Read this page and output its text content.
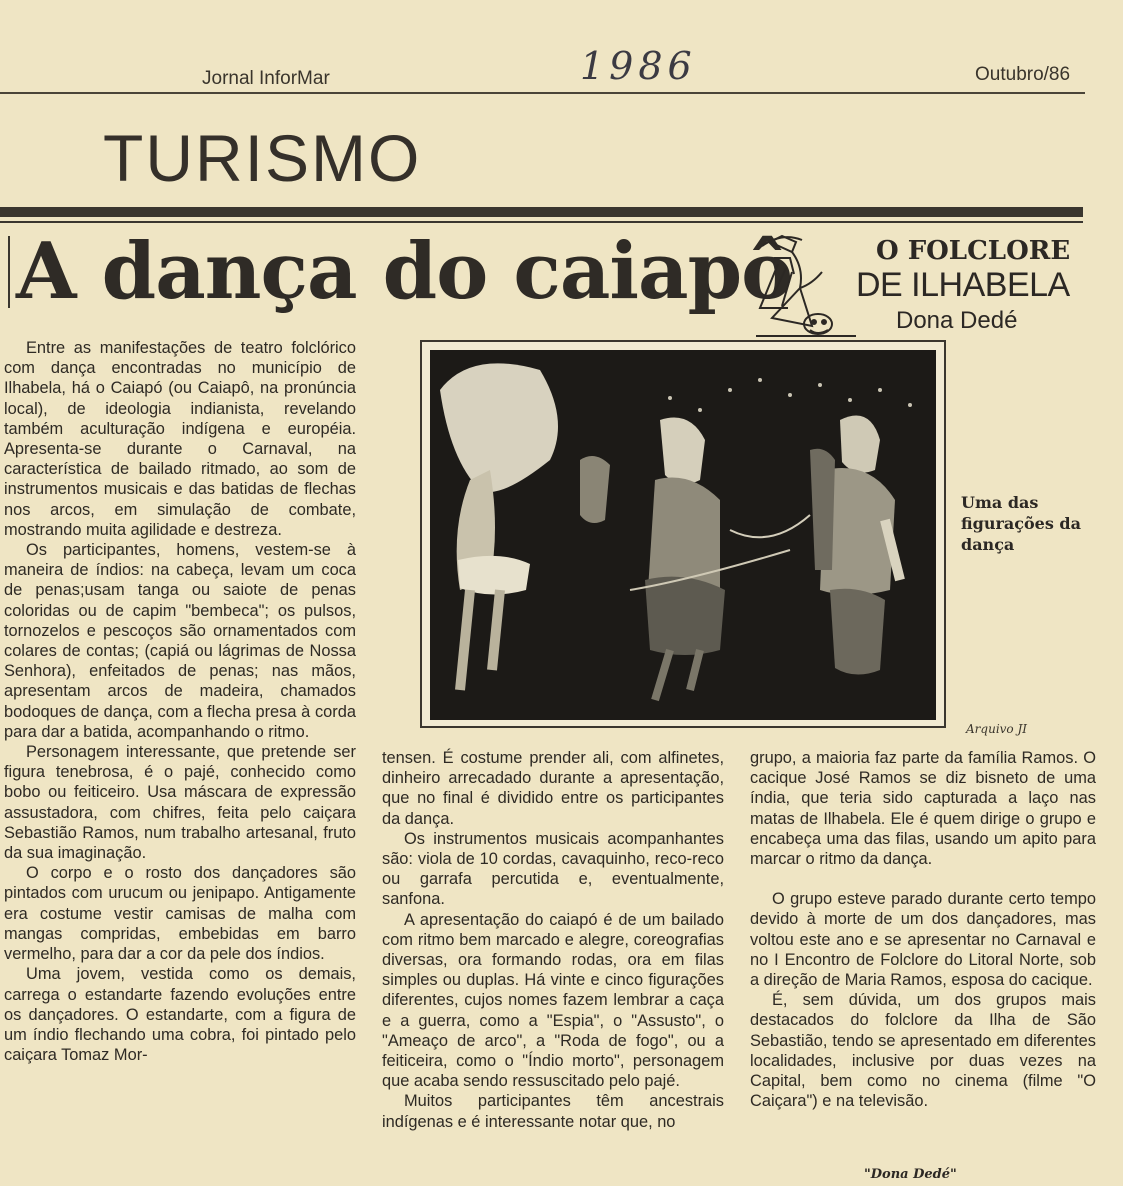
Jornal InforMar	1986	Outubro/86
TURISMO
A dança do caiapô	O FOLCLORE
DE ILHABELA
Dona Dedé
Uma das figurações da dança
Arquivo JI

Entre as manifestações de teatro folclórico com dança encontradas no município de Ilhabela, há o Caiapó (ou Caiapô, na pronúncia local), de ideologia indianista, revelando também aculturação indígena e européia. Apresenta-se durante o Carnaval, na característica de bailado ritmado, ao som de instrumentos musicais e das batidas de flechas nos arcos, em simulação de combate, mostrando muita agilidade e destreza.

Os participantes, homens, vestem-se à maneira de índios: na cabeça, levam um coca de penas;usam tanga ou saiote de penas coloridas ou de capim "bembeca"; os pulsos, tornozelos e pescoços são ornamentados com colares de contas; (capiá ou lágrimas de Nossa Senhora), enfeitados de penas; nas mãos, apresentam arcos de madeira, chamados bodoques de dança, com a flecha presa à corda para dar a batida, acompanhando o ritmo.

Personagem interessante, que pretende ser figura tenebrosa, é o pajé, conhecido como bobo ou feiticeiro. Usa máscara de expressão assustadora, com chifres, feita pelo caiçara Sebastião Ramos, num trabalho artesanal, fruto da sua imaginação.

O corpo e o rosto dos dançadores são pintados com urucum ou jenipapo. Antigamente era costume vestir camisas de malha com mangas compridas, embebidas em barro vermelho, para dar a cor da pele dos índios.

Uma jovem, vestida como os demais, carrega o estandarte fazendo evoluções entre os dançadores. O estandarte, com a figura de um índio flechando uma cobra, foi pintado pelo caiçara Tomaz Mor-

tensen. É costume prender ali, com alfinetes, dinheiro arrecadado durante a apresentação, que no final é dividido entre os participantes da dança.

Os instrumentos musicais acompanhantes são: viola de 10 cordas, cavaquinho, reco-reco ou garrafa percutida e, eventualmente, sanfona.

A apresentação do caiapó é de um bailado com ritmo bem marcado e alegre, coreografias diversas, ora formando rodas, ora em filas simples ou duplas. Há vinte e cinco figurações diferentes, cujos nomes fazem lembrar a caça e a guerra, como a "Espia", o "Assusto", o "Ameaço de arco", a "Roda de fogo", ou a feiticeira, como o "Índio morto", personagem que acaba sendo ressuscitado pelo pajé.

Muitos participantes têm ancestrais indígenas e é interessante notar que, no

grupo, a maioria faz parte da família Ramos. O cacique José Ramos se diz bisneto de uma índia, que teria sido capturada a laço nas matas de Ilhabela. Ele é quem dirige o grupo e encabeça uma das filas, usando um apito para marcar o ritmo da dança.

O grupo esteve parado durante certo tempo devido à morte de um dos dançadores, mas voltou este ano e se apresentar no Carnaval e no I Encontro de Folclore do Litoral Norte, sob a direção de Maria Ramos, esposa do cacique.

É, sem dúvida, um dos grupos mais destacados do folclore da Ilha de São Sebastião, tendo se apresentado em diferentes localidades, inclusive por duas vezes na Capital, bem como no cinema (filme "O Caiçara") e na televisão.

"Dona Dedé"
